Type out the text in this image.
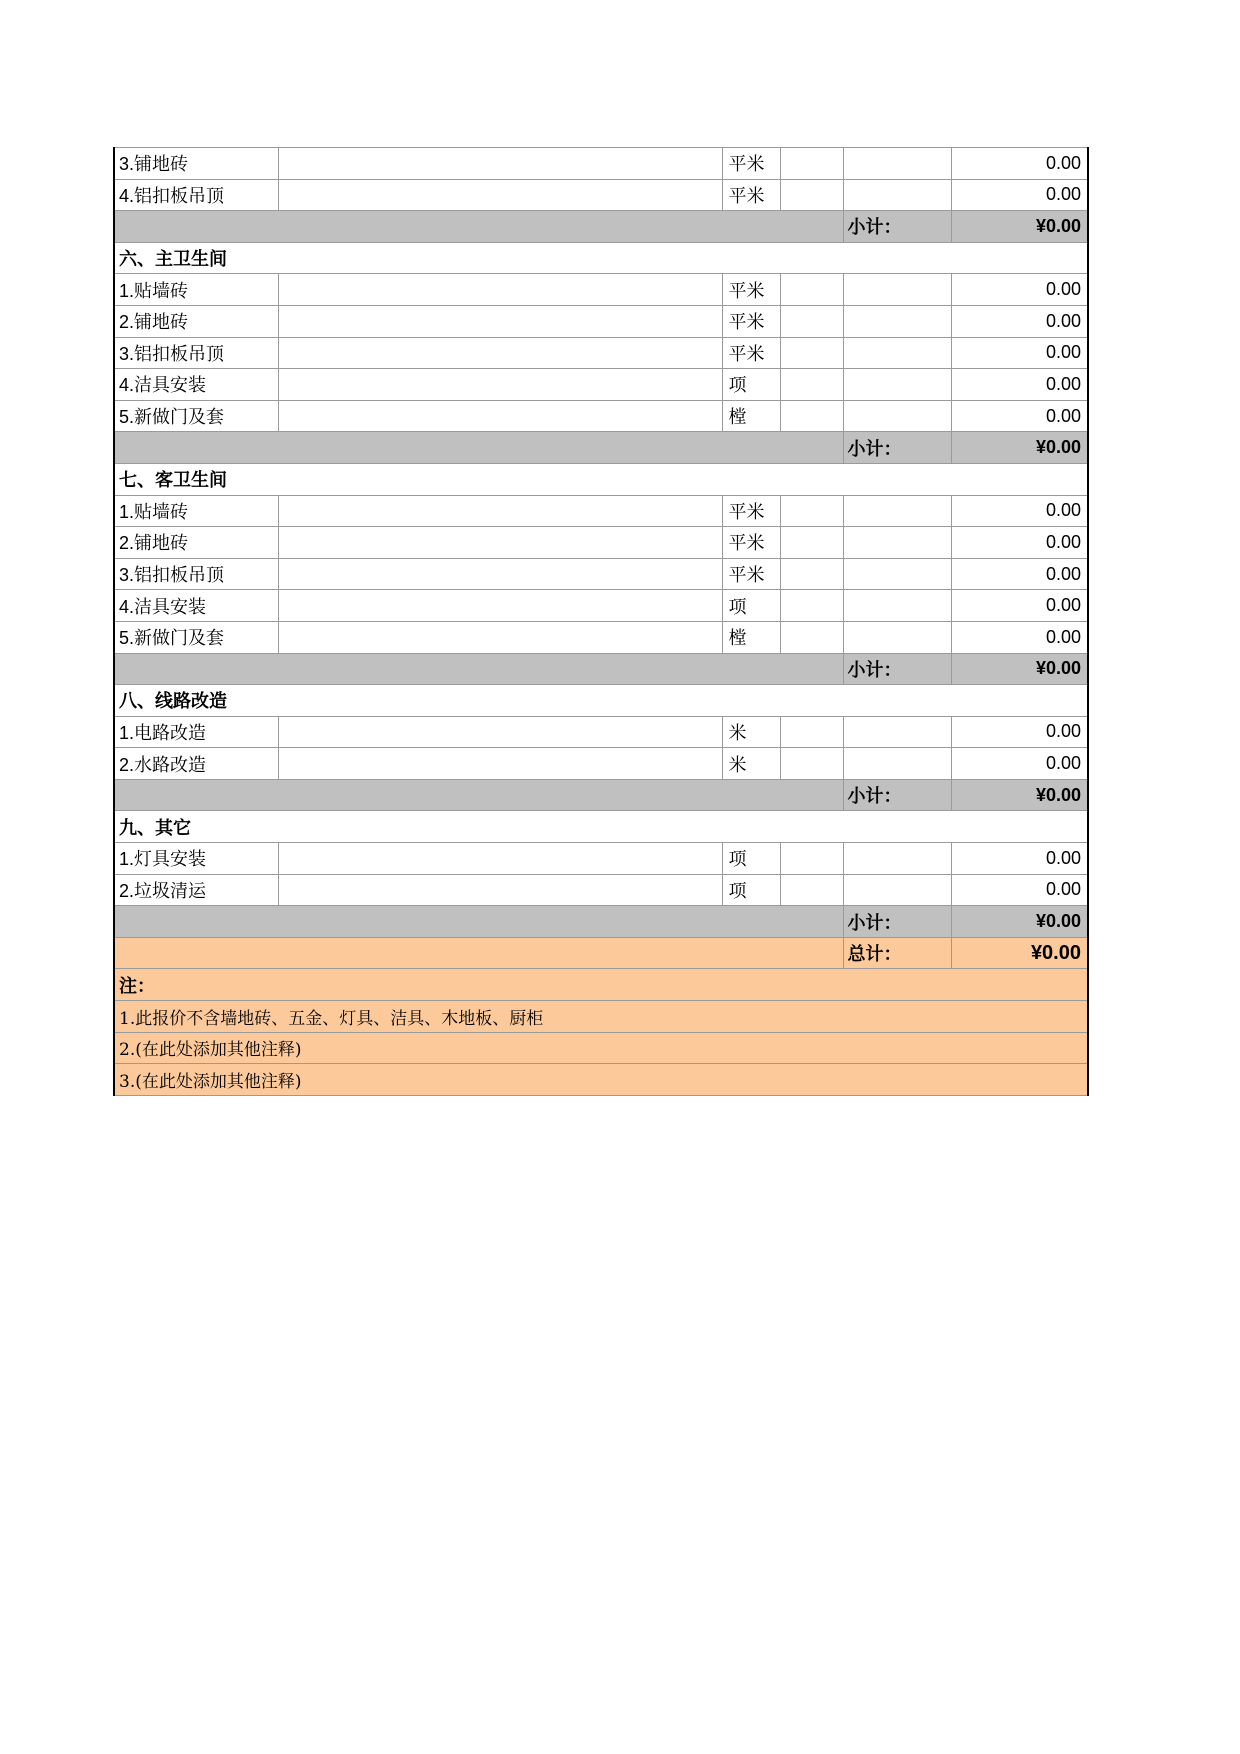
3.铺地砖		平米			0.00
4.铝扣板吊顶		平米			0.00
				小计：	¥0.00
六、主卫生间					
1.贴墙砖		平米			0.00
2.铺地砖		平米			0.00
3.铝扣板吊顶		平米			0.00
4.洁具安装		项			0.00
5.新做门及套		樘			0.00
				小计：	¥0.00
七、客卫生间					
1.贴墙砖		平米			0.00
2.铺地砖		平米			0.00
3.铝扣板吊顶		平米			0.00
4.洁具安装		项			0.00
5.新做门及套		樘			0.00
				小计：	¥0.00
八、线路改造					
1.电路改造		米			0.00
2.水路改造		米			0.00
				小计：	¥0.00
九、其它					
1.灯具安装		项			0.00
2.垃圾清运		项			0.00
				小计：	¥0.00
				总计：	¥0.00
注：					
1.此报价不含墙地砖、五金、灯具、洁具、木地板、厨柜					
2.(在此处添加其他注释)					
3.(在此处添加其他注释)					
